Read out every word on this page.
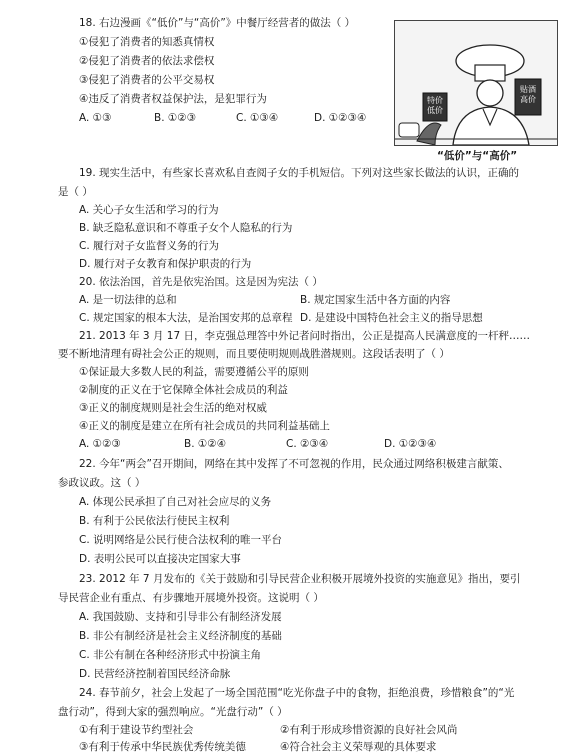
18. 右边漫画《“低价”与“高价”》中餐厅经营者的做法（ ）
①侵犯了消费者的知悉真情权
②侵犯了消费者的依法求偿权
③侵犯了消费者的公平交易权
④违反了消费者权益保护法，是犯罪行为
A. ①③	B. ①②③	C. ①③④	D. ①②③④
特价 低价
贴酒 高价
“低价”与“高价”
19. 现实生活中，有些家长喜欢私自查阅子女的手机短信。下列对这些家长做法的认识，正确的
是（ ）
A. 关心子女生活和学习的行为
B. 缺乏隐私意识和不尊重子女个人隐私的行为
C. 履行对子女监督义务的行为
D. 履行对子女教育和保护职责的行为
20. 依法治国，首先是依宪治国。这是因为宪法（ ）
A. 是一切法律的总和	B. 规定国家生活中各方面的内容
C. 规定国家的根本大法，是治国安邦的总章程 D. 是建设中国特色社会主义的指导思想
21. 2013 年 3 月 17 日，李克强总理答中外记者问时指出，公正是提高人民满意度的一杆秤……
要不断地清理有碍社会公正的规则，而且要使明规则战胜潜规则。这段话表明了（ ）
①保证最大多数人民的利益，需要遵循公平的原则
②制度的正义在于它保障全体社会成员的利益
③正义的制度规则是社会生活的绝对权威
④正义的制度是建立在所有社会成员的共同利益基础上
A. ①②③	B. ①②④	C. ②③④	D. ①②③④
22. 今年“两会”召开期间，网络在其中发挥了不可忽视的作用，民众通过网络积极建言献策、
参政议政。这（ ）
A. 体现公民承担了自己对社会应尽的义务
B. 有利于公民依法行使民主权利
C. 说明网络是公民行使合法权利的唯一平台
D. 表明公民可以直接决定国家大事
23. 2012 年 7 月发布的《关于鼓励和引导民营企业积极开展境外投资的实施意见》指出，要引
导民营企业有重点、有步骤地开展境外投资。这说明（ ）
A. 我国鼓励、支持和引导非公有制经济发展
B. 非公有制经济是社会主义经济制度的基础
C. 非公有制在各种经济形式中扮演主角
D. 民营经济控制着国民经济命脉
24. 春节前夕，社会上发起了一场全国范围“吃光你盘子中的食物，拒绝浪费，珍惜粮食”的“光
盘行动”，得到大家的强烈响应。“光盘行动”（ ）
①有利于建设节约型社会	②有利于形成珍惜资源的良好社会风尚
③有利于传承中华民族优秀传统美德	④符合社会主义荣辱观的具体要求
